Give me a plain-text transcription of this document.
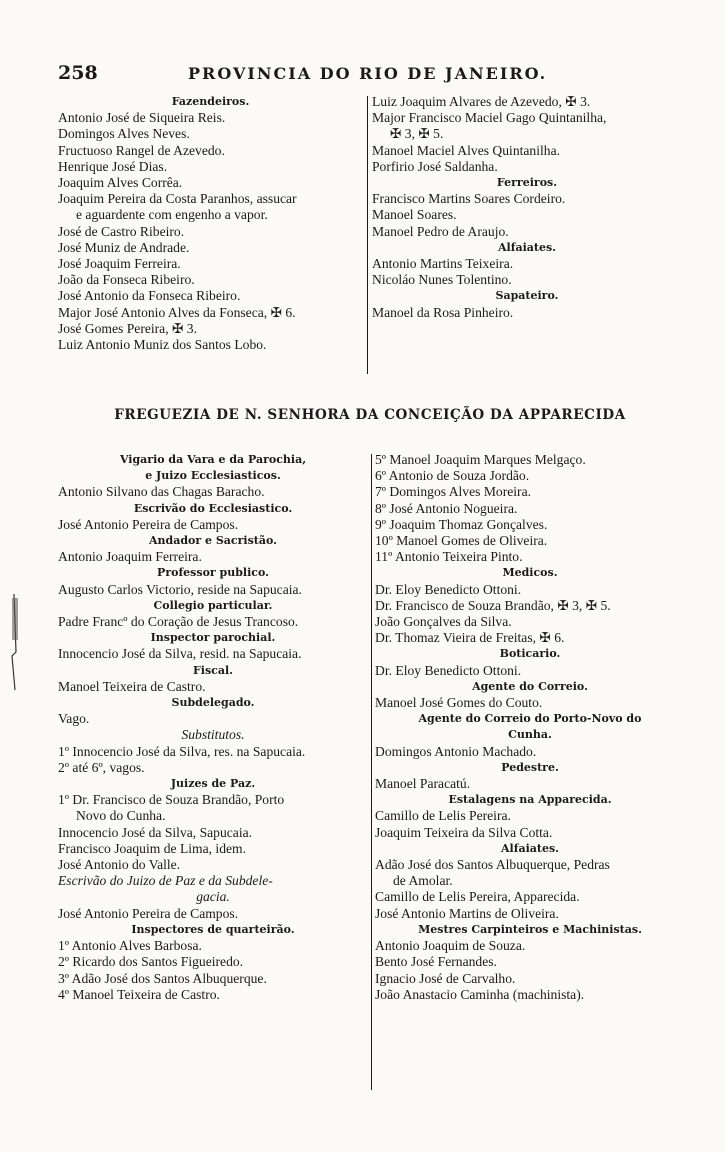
258	PROVINCIA DO RIO DE JANEIRO.
Fazendeiros.
Antonio José de Siqueira Reis.
Domingos Alves Neves.
Fructuoso Rangel de Azevedo.
Henrique José Dias.
Joaquim Alves Corrêa.
Joaquim Pereira da Costa Paranhos, assucar
e aguardente com engenho a vapor.
José de Castro Ribeiro.
José Muniz de Andrade.
José Joaquim Ferreira.
João da Fonseca Ribeiro.
José Antonio da Fonseca Ribeiro.
Major José Antonio Alves da Fonseca, ✠ 6.
José Gomes Pereira, ✠ 3.
Luiz Antonio Muniz dos Santos Lobo.
Luiz Joaquim Alvares de Azevedo, ✠ 3.
Major Francisco Maciel Gago Quintanilha,
✠ 3, ✠ 5.
Manoel Maciel Alves Quintanilha.
Porfirio José Saldanha.
Ferreiros.
Francisco Martins Soares Cordeiro.
Manoel Soares.
Manoel Pedro de Araujo.
Alfaiates.
Antonio Martins Teixeira.
Nicoláo Nunes Tolentino.
Sapateiro.
Manoel da Rosa Pinheiro.
FREGUEZIA DE N. SENHORA DA CONCEIÇÃO DA APPARECIDA
Vigario da Vara e da Parochia,
e Juizo Ecclesiasticos.
Antonio Silvano das Chagas Baracho.
Escrivão do Ecclesiastico.
José Antonio Pereira de Campos.
Andador e Sacristão.
Antonio Joaquim Ferreira.
Professor publico.
Augusto Carlos Victorio, reside na Sapucaia.
Collegio particular.
Padre Francº do Coração de Jesus Trancoso.
Inspector parochial.
Innocencio José da Silva, resid. na Sapucaia.
Fiscal.
Manoel Teixeira de Castro.
Subdelegado.
Vago.
Substitutos.
1º Innocencio José da Silva, res. na Sapucaia.
2º até 6º, vagos.
Juizes de Paz.
1º Dr. Francisco de Souza Brandão, Porto
Novo do Cunha.
Innocencio José da Silva, Sapucaia.
Francisco Joaquim de Lima, idem.
José Antonio do Valle.
Escrivão do Juizo de Paz e da Subdele-
gacia.
José Antonio Pereira de Campos.
Inspectores de quarteirão.
1º Antonio Alves Barbosa.
2º Ricardo dos Santos Figueiredo.
3º Adão José dos Santos Albuquerque.
4º Manoel Teixeira de Castro.
5º Manoel Joaquim Marques Melgaço.
6º Antonio de Souza Jordão.
7º Domingos Alves Moreira.
8º José Antonio Nogueira.
9º Joaquim Thomaz Gonçalves.
10º Manoel Gomes de Oliveira.
11º Antonio Teixeira Pinto.
Medicos.
Dr. Eloy Benedicto Ottoni.
Dr. Francisco de Souza Brandão, ✠ 3, ✠ 5.
João Gonçalves da Silva.
Dr. Thomaz Vieira de Freitas, ✠ 6.
Boticario.
Dr. Eloy Benedicto Ottoni.
Agente do Correio.
Manoel José Gomes do Couto.
Agente do Correio do Porto-Novo do
Cunha.
Domingos Antonio Machado.
Pedestre.
Manoel Paracatú.
Estalagens na Apparecida.
Camillo de Lelis Pereira.
Joaquim Teixeira da Silva Cotta.
Alfaiates.
Adão José dos Santos Albuquerque, Pedras
de Amolar.
Camillo de Lelis Pereira, Apparecida.
José Antonio Martins de Oliveira.
Mestres Carpinteiros e Machinistas.
Antonio Joaquim de Souza.
Bento José Fernandes.
Ignacio José de Carvalho.
João Anastacio Caminha (machinista).
